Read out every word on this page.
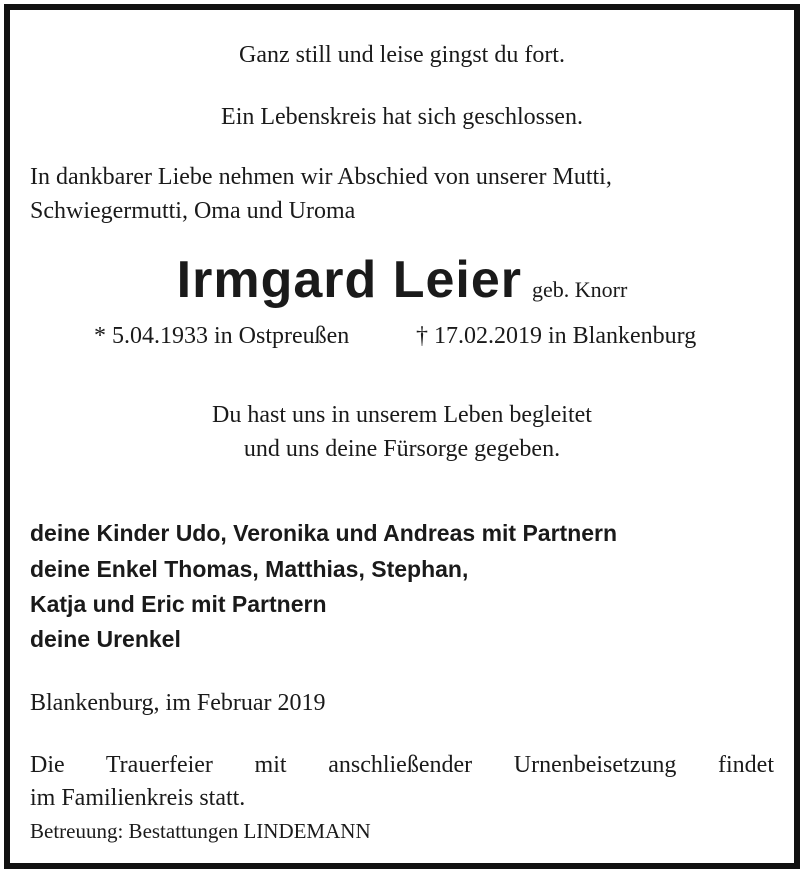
Ganz still und leise gingst du fort.
Ein Lebenskreis hat sich geschlossen.
In dankbarer Liebe nehmen wir Abschied von unserer Mutti,
Schwiegermutti, Oma und Uroma
Irmgard Leier geb. Knorr
* 5.04.1933 in Ostpreußen	† 17.02.2019 in Blankenburg
Du hast uns in unserem Leben begleitet
und uns deine Fürsorge gegeben.
deine Kinder Udo, Veronika und Andreas mit Partnern
deine Enkel Thomas, Matthias, Stephan,
Katja und Eric mit Partnern
deine Urenkel
Blankenburg, im Februar 2019
Die Trauerfeier mit anschließender Urnenbeisetzung findet
im Familienkreis statt.
Betreuung: Bestattungen LINDEMANN
